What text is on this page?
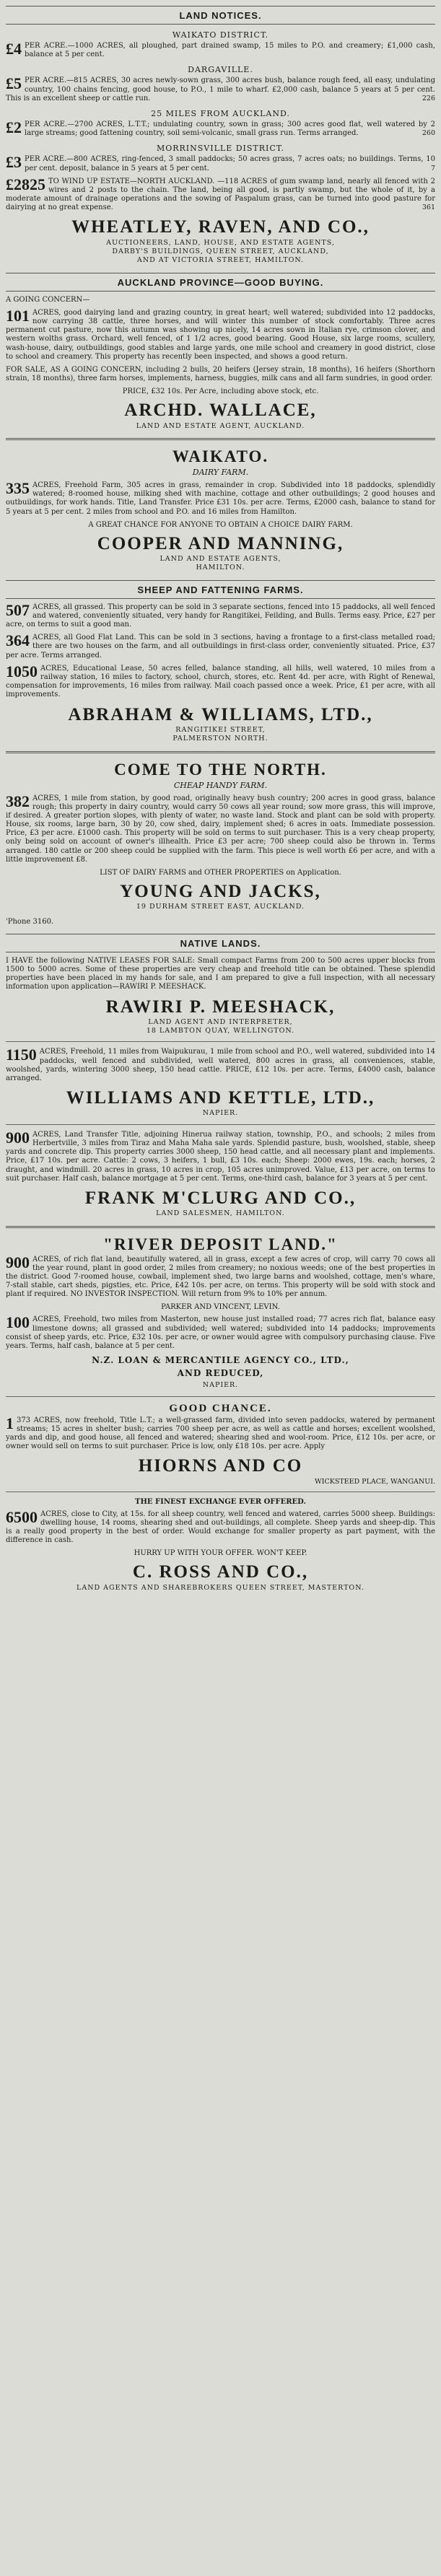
LAND NOTICES.
WAIKATO DISTRICT.
£4 PER ACRE.—1000 ACRES, all ploughed, part drained swamp, 15 miles to P.O. and creamery; £1,000 cash, balance at 5 per cent.
DARGAVILLE.
£5 PER ACRE.—815 ACRES, 30 acres newly-sown grass, 300 acres bush, balance rough feed, all easy, undulating country, 100 chains fencing, good house, to P.O., 1 mile to wharf. £2,000 cash, balance 5 years at 5 per cent. This is an excellent sheep or cattle run.	226
25 MILES FROM AUCKLAND.
£2 PER ACRE.—2700 ACRES, L.T.T.; undulating country, sown in grass; 300 acres good flat, well watered by 2 large streams; good fattening country, soil semi-volcanic, small grass run. Terms arranged.	260
MORRINSVILLE DISTRICT.
£3 PER ACRE.—800 ACRES, ring-fenced, 3 small paddocks; 50 acres grass, 7 acres oats; no buildings. Terms, 10 per cent. deposit, balance in 5 years at 5 per cent.	7
£2825 TO WIND UP ESTATE—NORTH AUCKLAND. —118 ACRES of gum swamp land, nearly all fenced with 2 wires and 2 posts to the chain. The land, being all good, is partly swamp, but the whole of it, by a moderate amount of drainage operations and the sowing of Paspalum grass, can be turned into good pasture for dairying at no great expense.	361
WHEATLEY, RAVEN, AND CO.,
AUCTIONEERS, LAND, HOUSE, AND ESTATE AGENTS,
DARBY'S BUILDINGS, QUEEN STREET, AUCKLAND,
AND AT VICTORIA STREET, HAMILTON.
AUCKLAND PROVINCE—GOOD BUYING.
A GOING CONCERN—
101 ACRES, good dairying land and grazing country, in great heart; well watered; subdivided into 12 paddocks, now carrying 38 cattle, three horses, and will winter this number of stock comfortably. Three acres permanent cut pasture, now this autumn was showing up nicely, 14 acres sown in Italian rye, crimson clover, and western wolths grass. Orchard, well fenced, of 1 1/2 acres, good bearing. Good House, six large rooms, scullery, wash-house, dairy, outbuildings, good stables and large yards, one mile school and creamery in good district, close to school and creamery. This property has recently been inspected, and shows a good return.
FOR SALE, AS A GOING CONCERN, including 2 bulls, 20 heifers (Jersey strain, 18 months), 16 heifers (Shorthorn strain, 18 months), three farm horses, implements, harness, buggies, milk cans and all farm sundries, in good order.
PRICE, £32 10s. Per Acre, including above stock, etc.
ARCHD. WALLACE,
LAND AND ESTATE AGENT, AUCKLAND.
WAIKATO.
DAIRY FARM.
335 ACRES, Freehold Farm, 305 acres in grass, remainder in crop. Subdivided into 18 paddocks, splendidly watered; 8-roomed house, milking shed with machine, cottage and other outbuildings; 2 good houses and outbuildings, for work hands. Title, Land Transfer. Price £31 10s. per acre. Terms, £2000 cash, balance to stand for 5 years at 5 per cent. 2 miles from school and P.O. and 16 miles from Hamilton.
A GREAT CHANCE FOR ANYONE TO OBTAIN A CHOICE DAIRY FARM.
COOPER AND MANNING,
LAND AND ESTATE AGENTS,
HAMILTON.
SHEEP AND FATTENING FARMS.
507 ACRES, all grassed. This property can be sold in 3 separate sections, fenced into 15 paddocks, all well fenced and watered, conveniently situated, very handy for Rangitikei, Feilding, and Bulls. Terms easy. Price, £27 per acre, on terms to suit a good man.
364 ACRES, all Good Flat Land. This can be sold in 3 sections, having a frontage to a first-class metalled road; there are two houses on the farm, and all outbuildings in first-class order, conveniently situated. Price, £37 per acre. Terms arranged.
1050 ACRES, Educational Lease, 50 acres felled, balance standing, all hills, well watered, 10 miles from a railway station, 16 miles to factory, school, church, stores, etc. Rent 4d. per acre, with Right of Renewal, compensation for improvements, 16 miles from railway. Mail coach passed once a week. Price, £1 per acre, with all improvements.
ABRAHAM & WILLIAMS, LTD.,
RANGITIKEI STREET,
PALMERSTON NORTH.
COME TO THE NORTH.
CHEAP HANDY FARM.
382 ACRES, 1 mile from station, by good road, originally heavy bush country; 200 acres in good grass, balance rough; this property in dairy country, would carry 50 cows all year round; sow more grass, this will improve, if desired. A greater portion slopes, with plenty of water, no waste land. Stock and plant can be sold with property. House, six rooms, large barn, 30 by 20, cow shed, dairy, implement shed; 6 acres in oats. Immediate possession. Price, £3 per acre. £1000 cash. This property will be sold on terms to suit purchaser. This is a very cheap property, only being sold on account of owner's illhealth. Price £3 per acre; 700 sheep could also be thrown in. Terms arranged. 180 cattle or 200 sheep could be supplied with the farm. This piece is well worth £6 per acre, and with a little improvement £8.
LIST OF DAIRY FARMS and OTHER PROPERTIES on Application.
YOUNG AND JACKS,
19 DURHAM STREET EAST, AUCKLAND.
'Phone 3160.
NATIVE LANDS.
I HAVE the following NATIVE LEASES FOR SALE: Small compact Farms from 200 to 500 acres upper blocks from 1500 to 5000 acres. Some of these properties are very cheap and freehold title can be obtained. These splendid properties have been placed in my hands for sale, and I am prepared to give a full inspection, with all necessary information upon application—RAWIRI P. MEESHACK.
RAWIRI P. MEESHACK,
LAND AGENT AND INTERPRETER,
18 LAMBTON QUAY, WELLINGTON.
1150 ACRES, Freehold, 11 miles from Waipukurau, 1 mile from school and P.O., well watered, subdivided into 14 paddocks, well fenced and subdivided, well watered, 800 acres in grass, all conveniences, stable, woolshed, yards, wintering 3000 sheep, 150 head cattle. PRICE, £12 10s. per acre. Terms, £4000 cash, balance arranged.
WILLIAMS AND KETTLE, LTD.,
NAPIER.
900 ACRES, Land Transfer Title, adjoining Hinerua railway station, township, P.O., and schools; 2 miles from Herbertville, 3 miles from Tiraz and Maha Maha sale yards. Splendid pasture, bush, woolshed, stable, sheep yards and concrete dip. This property carries 3000 sheep, 150 head cattle, and all necessary plant and implements. Price, £17 10s. per acre. Cattle: 2 cows, 3 heifers, 1 bull, £3 10s. each; Sheep: 2000 ewes, 19s. each; horses, 2 draught, and windmill. 20 acres in grass, 10 acres in crop, 105 acres unimproved. Value, £13 per acre, on terms to suit purchaser. Half cash, balance mortgage at 5 per cent. Terms, one-third cash, balance for 3 years at 5 per cent.
FRANK M'CLURG AND CO.,
LAND SALESMEN, HAMILTON.
"RIVER DEPOSIT LAND."
900 ACRES, of rich flat land, beautifully watered, all in grass, except a few acres of crop, will carry 70 cows all the year round, plant in good order, 2 miles from creamery; no noxious weeds; one of the best properties in the district. Good 7-roomed house, cowbail, implement shed, two large barns and woolshed, cottage, men's whare, 7-stall stable, cart sheds, pigsties, etc. Price, £42 10s. per acre, on terms. This property will be sold with stock and plant if required. NO INVESTOR INSPECTION. Will return from 9% to 10% per annum.
PARKER AND VINCENT, LEVIN.
100 ACRES, Freehold, two miles from Masterton, new house just installed road; 77 acres rich flat, balance easy limestone downs; all grassed and subdivided; well watered; subdivided into 14 paddocks; improvements consist of sheep yards, etc. Price, £32 10s. per acre, or owner would agree with compulsory purchasing clause. Five years. Terms, half cash, balance at 5 per cent.
N.Z. LOAN & MERCANTILE AGENCY CO., LTD.,
AND REDUCED,
NAPIER.
GOOD CHANCE.
1 373 ACRES, now freehold, Title L.T.; a well-grassed farm, divided into seven paddocks, watered by permanent streams; 15 acres in shelter bush; carries 700 sheep per acre, as well as cattle and horses; excellent woolshed, yards and dip, and good house, all fenced and watered; shearing shed and wool-room. Price, £12 10s. per acre, or owner would sell on terms to suit purchaser. Price is low, only £18 10s. per acre. Apply
HIORNS AND CO
WICKSTEED PLACE, WANGANUI.
THE FINEST EXCHANGE EVER OFFERED.
6500 ACRES, close to City, at 15s. for all sheep country, well fenced and watered, carries 5000 sheep. Buildings: dwelling house, 14 rooms, shearing shed and out-buildings, all complete. Sheep yards and sheep-dip. This is a really good property in the best of order. Would exchange for smaller property as part payment, with the difference in cash.
HURRY UP WITH YOUR OFFER. WON'T KEEP.
C. ROSS AND CO.,
LAND AGENTS AND SHAREBROKERS QUEEN STREET, MASTERTON.
